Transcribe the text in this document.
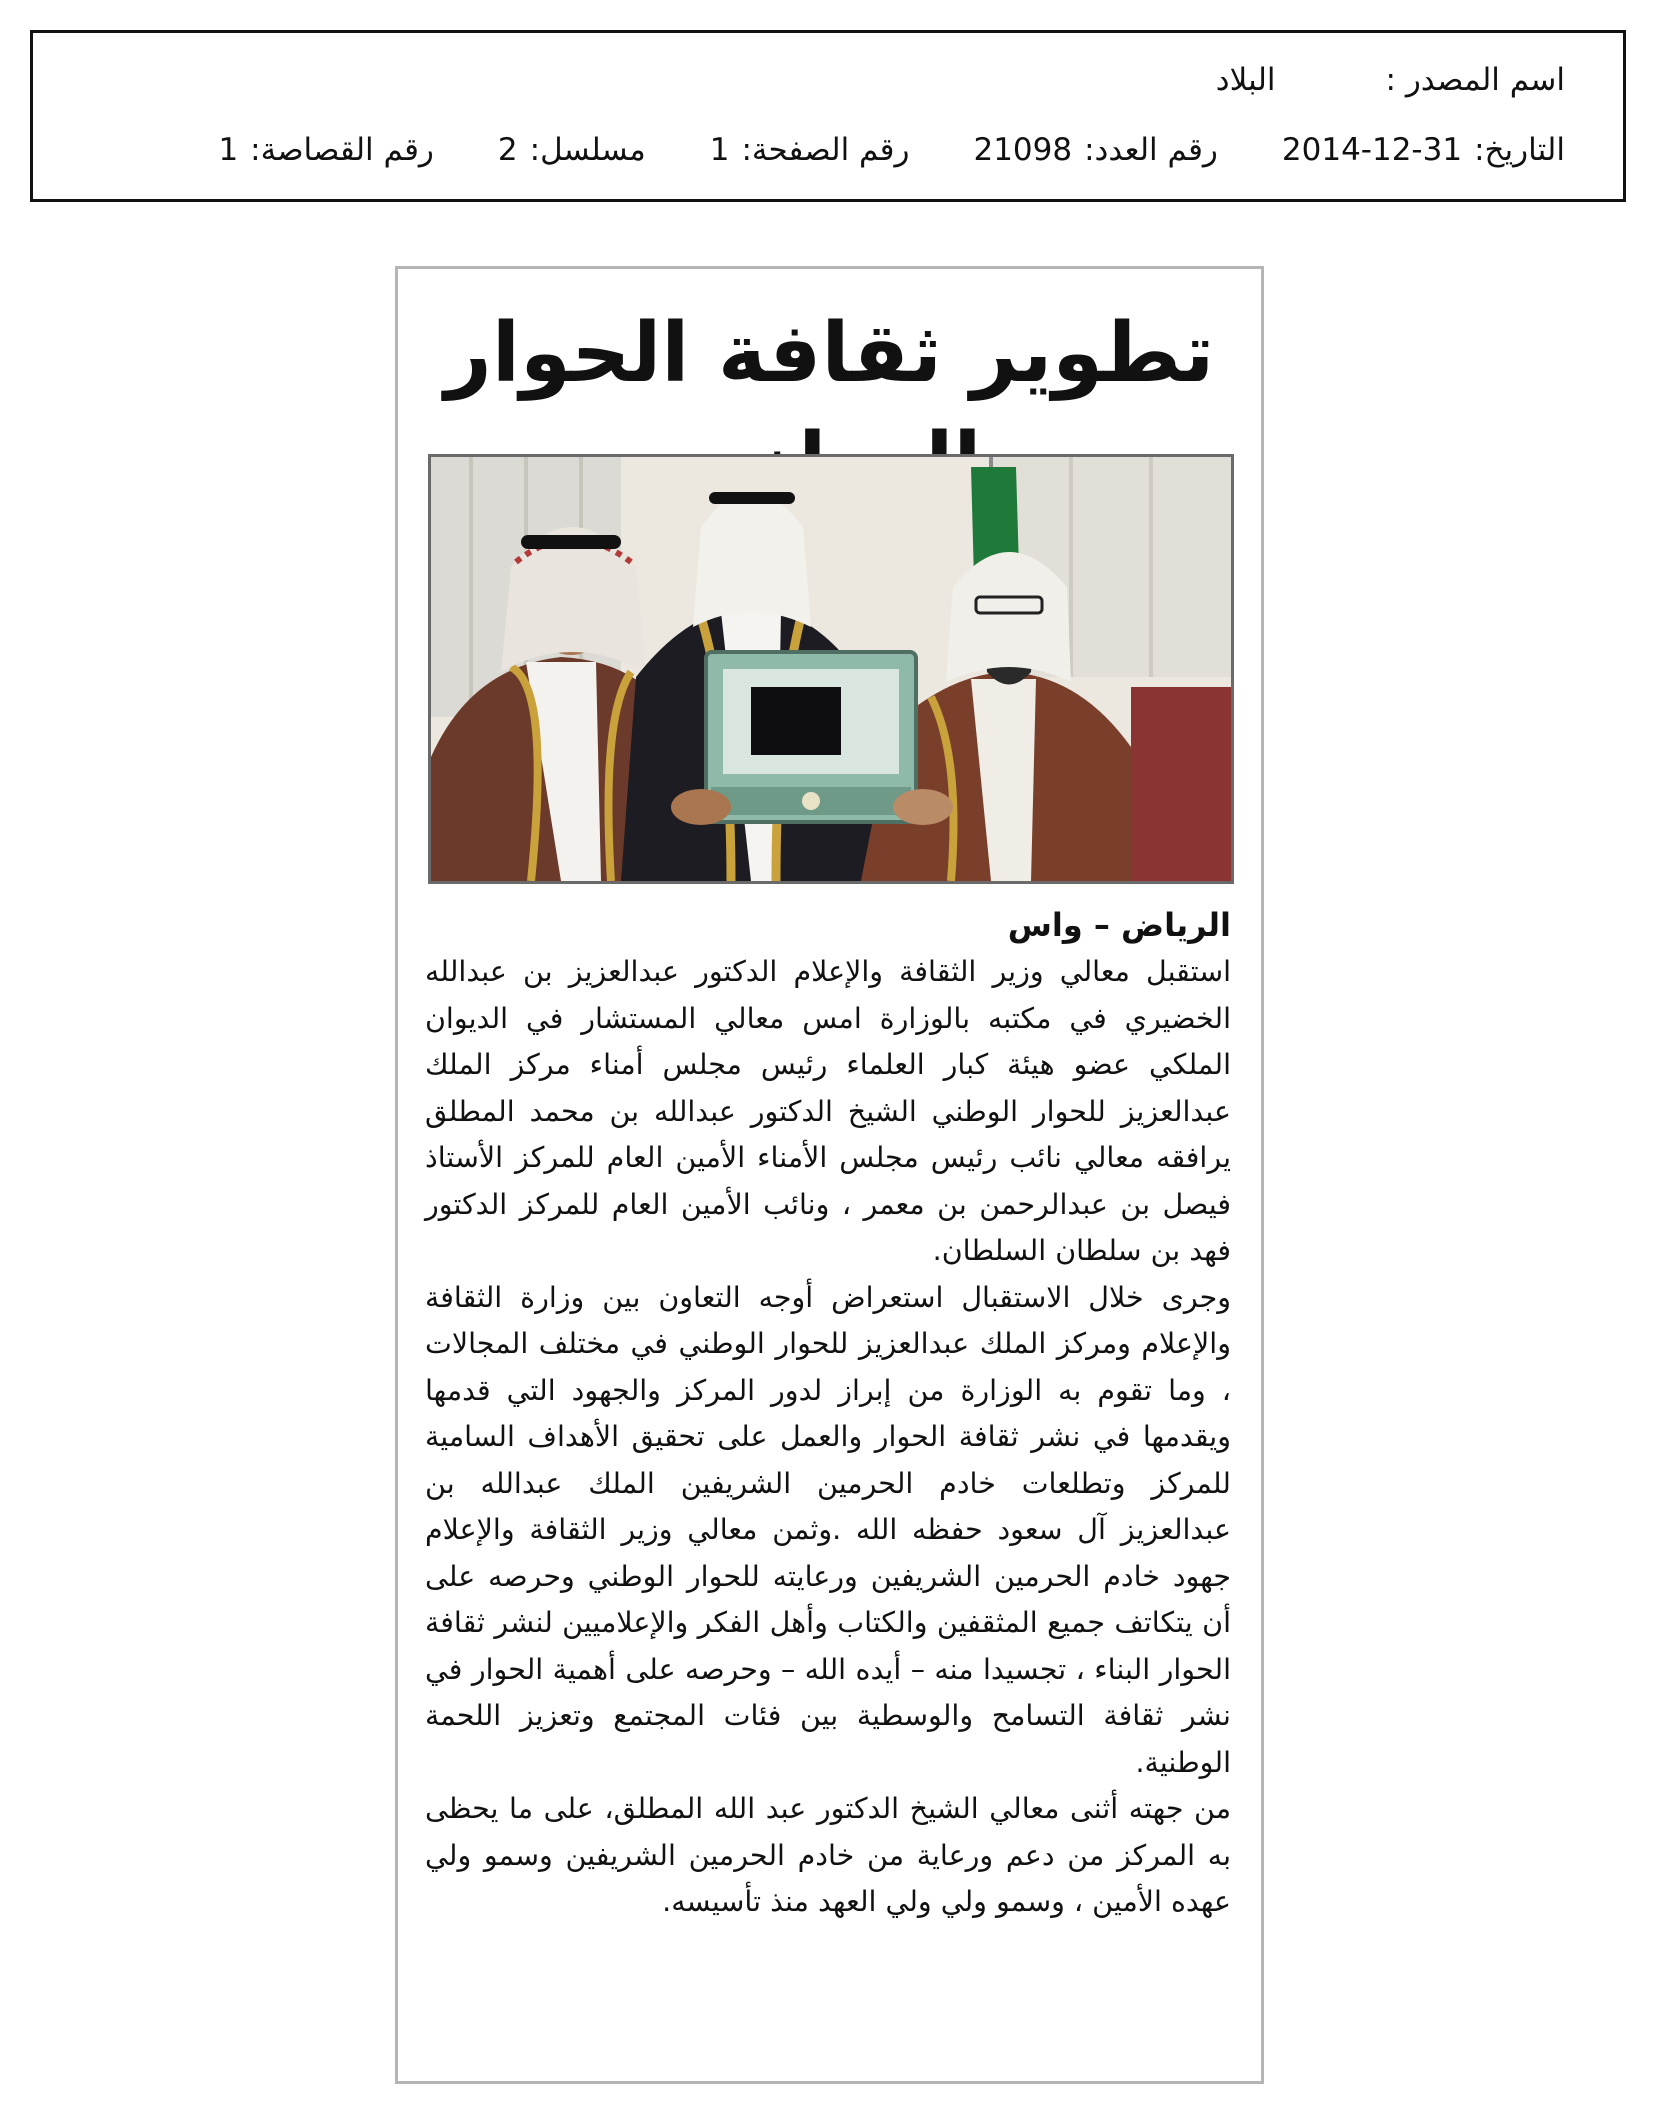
اسم المصدر :
البلاد
التاريخ:
2014-12-31
رقم العدد:
21098
رقم الصفحة:
1
مسلسل:
2
رقم القصاصة:
1
تطوير ثقافة الحوار
الرياض – واس

استقبل معالي وزير الثقافة والإعلام الدكتور عبدالعزيز بن عبدالله الخضيري في مكتبه بالوزارة امس معالي المستشار في الديوان الملكي عضو هيئة كبار العلماء رئيس مجلس أمناء مركز الملك عبدالعزيز للحوار الوطني الشيخ الدكتور عبدالله بن محمد المطلق يرافقه معالي نائب رئيس مجلس الأمناء الأمين العام للمركز الأستاذ فيصل بن عبدالرحمن بن معمر ، ونائب الأمين العام للمركز الدكتور فهد بن سلطان السلطان.

وجرى خلال الاستقبال استعراض أوجه التعاون بين وزارة الثقافة والإعلام ومركز الملك عبدالعزيز للحوار الوطني في مختلف المجالات ، وما تقوم به الوزارة من إبراز لدور المركز والجهود التي قدمها ويقدمها في نشر ثقافة الحوار والعمل على تحقيق الأهداف السامية للمركز وتطلعات خادم الحرمين الشريفين الملك عبدالله بن عبدالعزيز آل سعود حفظه الله .وثمن معالي وزير الثقافة والإعلام جهود خادم الحرمين الشريفين ورعايته للحوار الوطني وحرصه على أن يتكاتف جميع المثقفين والكتاب وأهل الفكر والإعلاميين لنشر ثقافة الحوار البناء ، تجسيدا منه – أيده الله – وحرصه على أهمية الحوار في نشر ثقافة التسامح والوسطية بين فئات المجتمع وتعزيز اللحمة الوطنية.

من جهته أثنى معالي الشيخ الدكتور عبد الله المطلق، على ما يحظى به المركز من دعم ورعاية من خادم الحرمين الشريفين وسمو ولي عهده الأمين ، وسمو ولي ولي العهد منذ تأسيسه.
